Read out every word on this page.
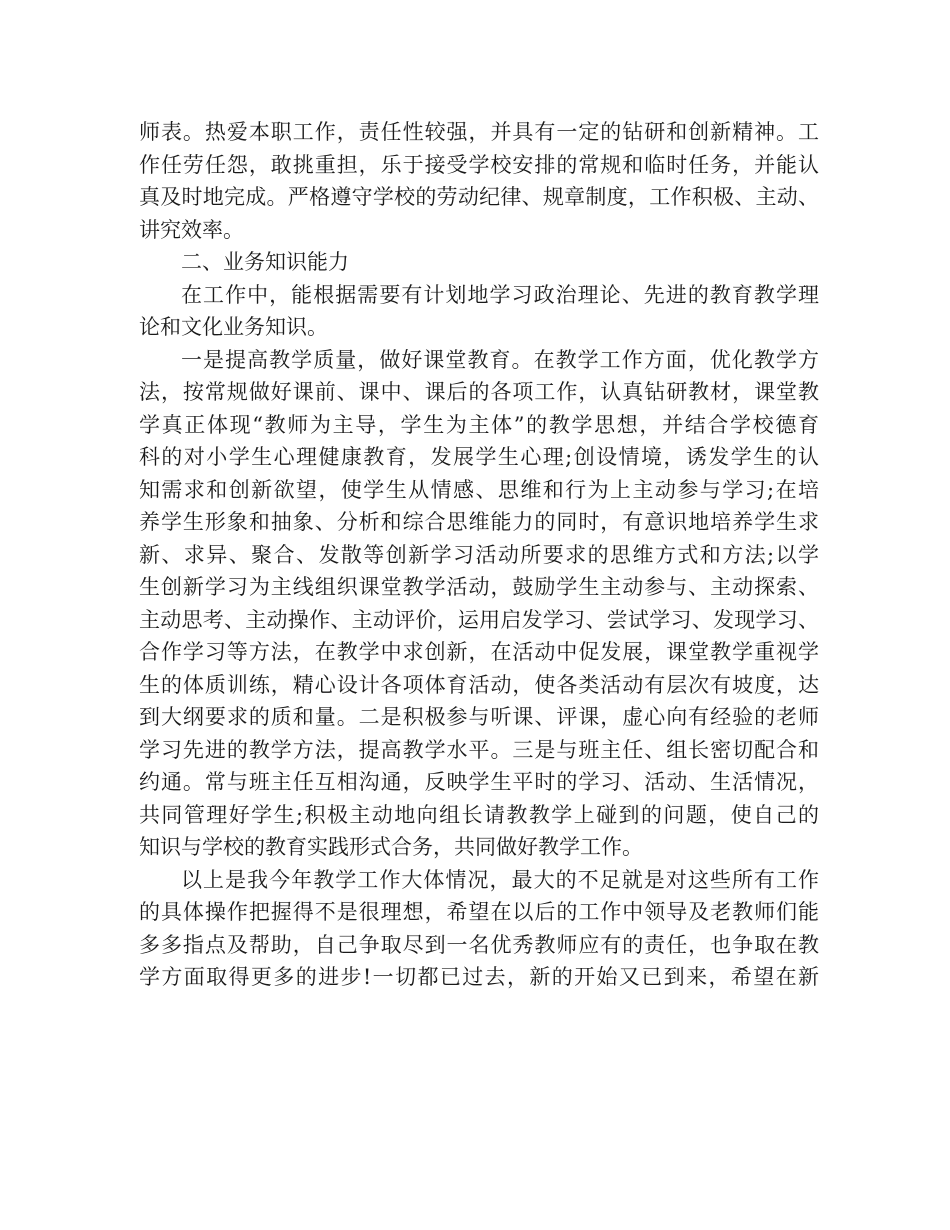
师表。热爱本职工作，责任性较强，并具有一定的钻研和创新精神。工
作任劳任怨，敢挑重担，乐于接受学校安排的常规和临时任务，并能认
真及时地完成。严格遵守学校的劳动纪律、规章制度，工作积极、主动、
讲究效率。
二、业务知识能力
在工作中，能根据需要有计划地学习政治理论、先进的教育教学理
论和文化业务知识。
一是提高教学质量，做好课堂教育。在教学工作方面，优化教学方
法，按常规做好课前、课中、课后的各项工作，认真钻研教材，课堂教
学真正体现“教师为主导，学生为主体”的教学思想，并结合学校德育
科的对小学生心理健康教育，发展学生心理;创设情境，诱发学生的认
知需求和创新欲望，使学生从情感、思维和行为上主动参与学习;在培
养学生形象和抽象、分析和综合思维能力的同时，有意识地培养学生求
新、求异、聚合、发散等创新学习活动所要求的思维方式和方法;以学
生创新学习为主线组织课堂教学活动，鼓励学生主动参与、主动探索、
主动思考、主动操作、主动评价，运用启发学习、尝试学习、发现学习、
合作学习等方法，在教学中求创新，在活动中促发展，课堂教学重视学
生的体质训练，精心设计各项体育活动，使各类活动有层次有坡度，达
到大纲要求的质和量。二是积极参与听课、评课，虚心向有经验的老师
学习先进的教学方法，提高教学水平。三是与班主任、组长密切配合和
约通。常与班主任互相沟通，反映学生平时的学习、活动、生活情况，
共同管理好学生;积极主动地向组长请教教学上碰到的问题，使自己的
知识与学校的教育实践形式合务，共同做好教学工作。
以上是我今年教学工作大体情况，最大的不足就是对这些所有工作
的具体操作把握得不是很理想，希望在以后的工作中领导及老教师们能
多多指点及帮助，自己争取尽到一名优秀教师应有的责任，也争取在教
学方面取得更多的进步!一切都已过去，新的开始又已到来，希望在新
